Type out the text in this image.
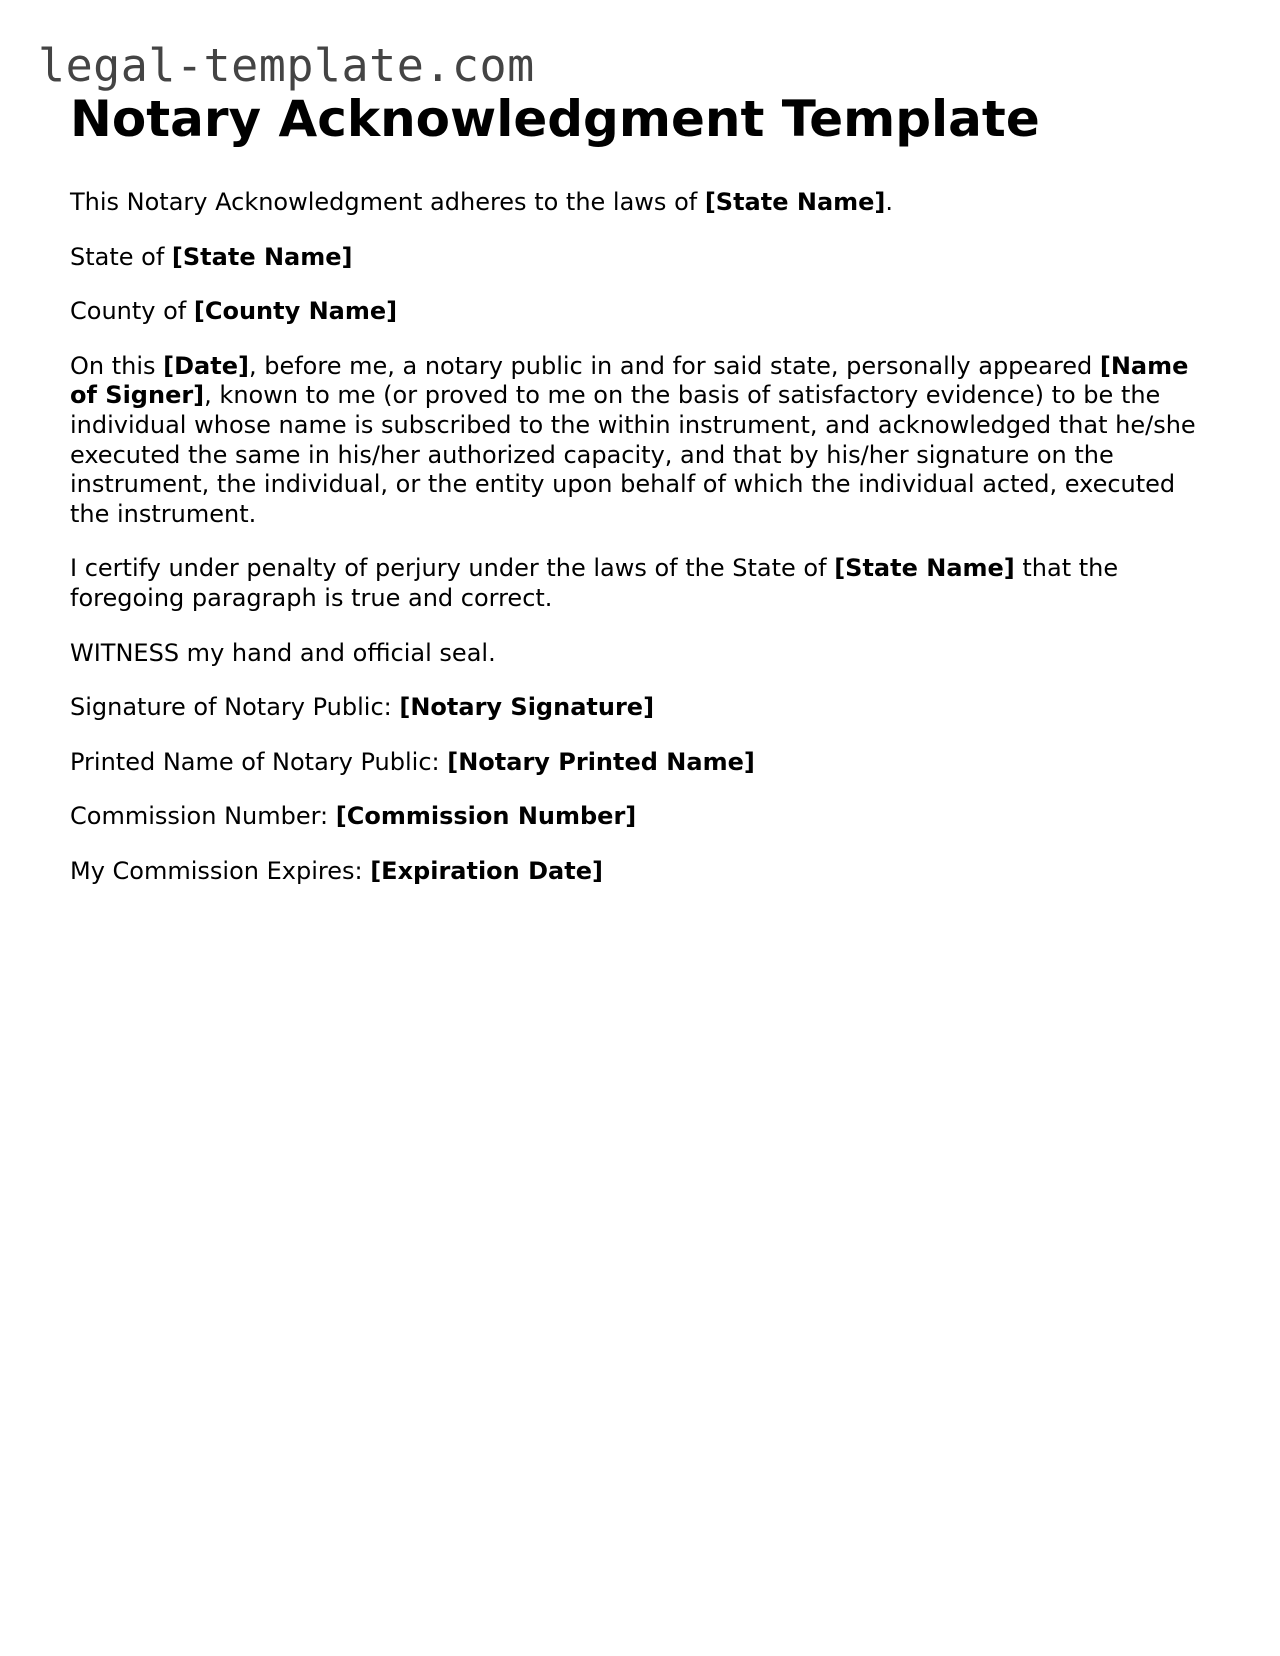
legal-template.com
Notary Acknowledgment Template

This Notary Acknowledgment adheres to the laws of [State Name].

State of [State Name]

County of [County Name]

On this [Date], before me, a notary public in and for said state, personally appeared [Name of Signer], known to me (or proved to me on the basis of satisfactory evidence) to be the individual whose name is subscribed to the within instrument, and acknowledged that he/she executed the same in his/her authorized capacity, and that by his/her signature on the instrument, the individual, or the entity upon behalf of which the individual acted, executed the instrument.

I certify under penalty of perjury under the laws of the State of [State Name] that the foregoing paragraph is true and correct.

WITNESS my hand and official seal.

Signature of Notary Public: [Notary Signature]

Printed Name of Notary Public: [Notary Printed Name]

Commission Number: [Commission Number]

My Commission Expires: [Expiration Date]
